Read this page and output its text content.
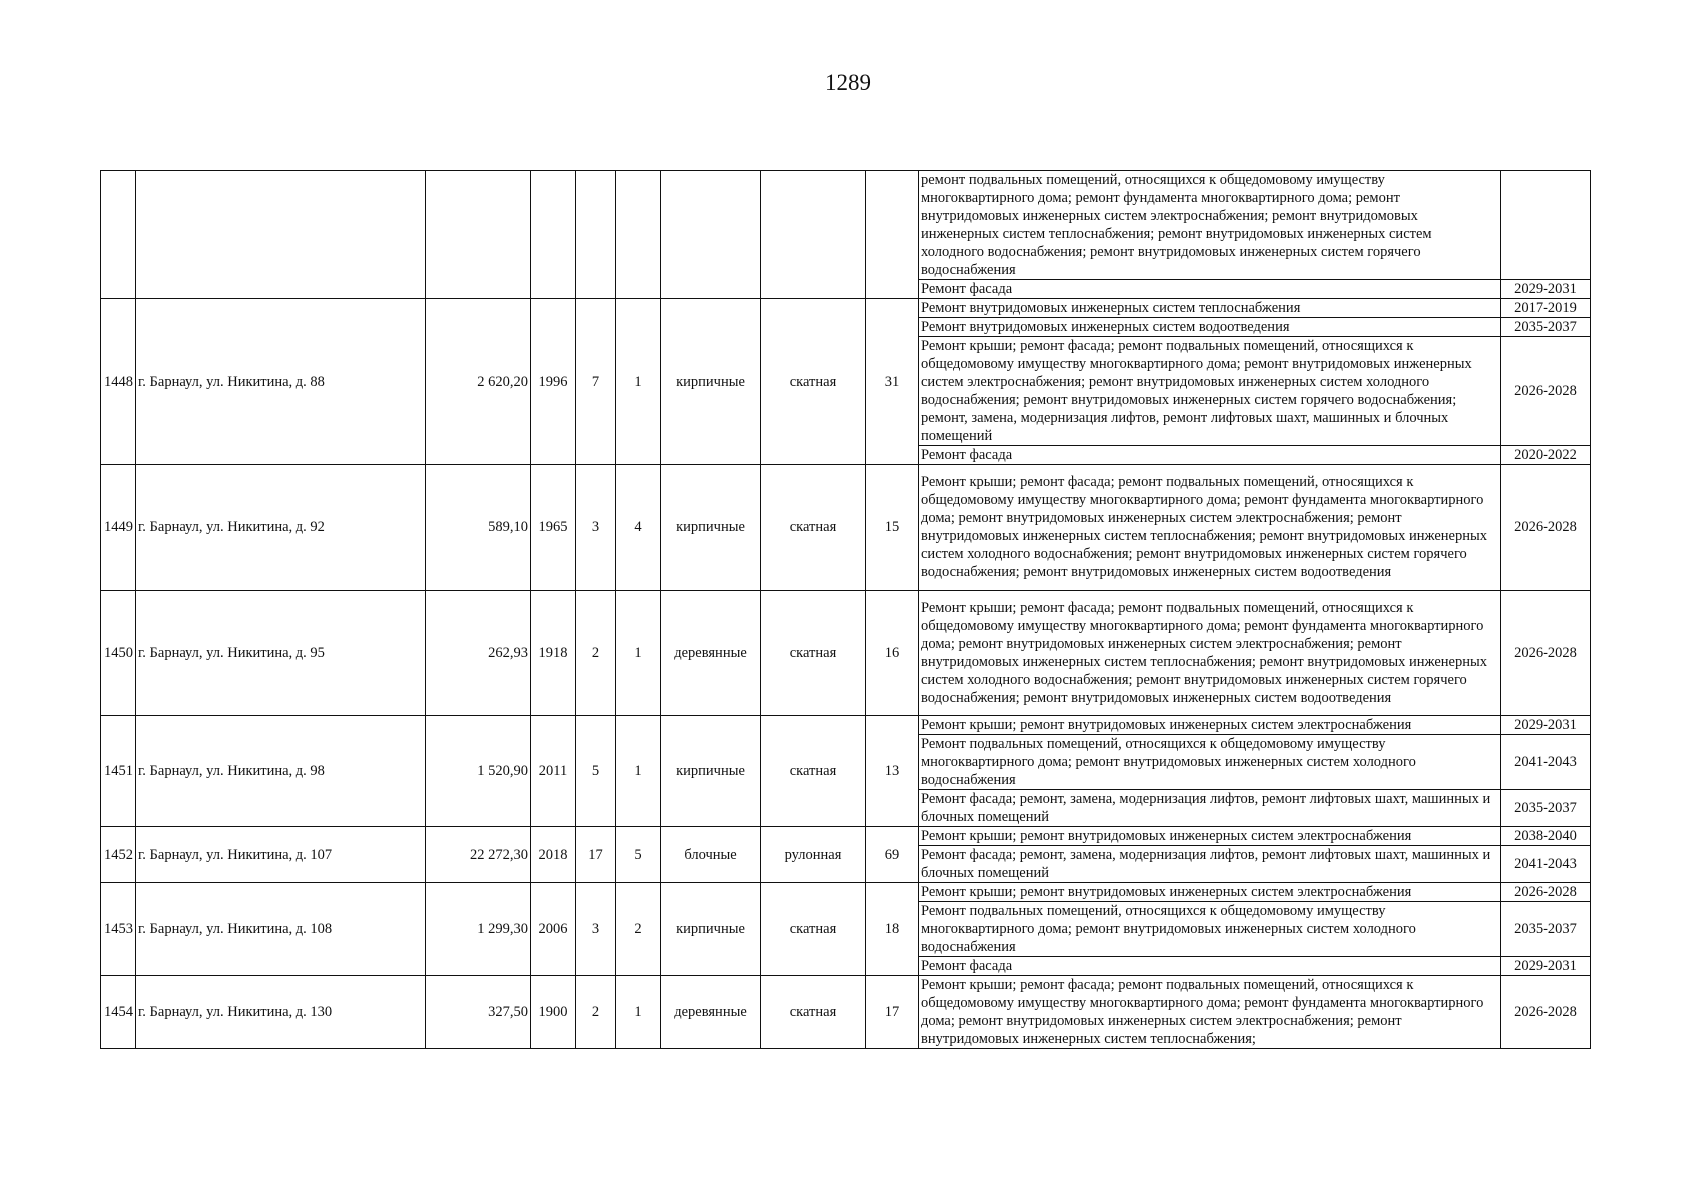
1289
									ремонт подвальных помещений, относящихся к общедомовому имуществу многоквартирного дома; ремонт фундамента многоквартирного дома; ремонт внутридомовых инженерных систем электроснабжения; ремонт внутридомовых инженерных систем теплоснабжения; ремонт внутридомовых инженерных систем холодного водоснабжения; ремонт внутридомовых инженерных систем горячего водоснабжения	
									Ремонт фасада	2029-2031
1448	г. Барнаул, ул. Никитина, д. 88	2 620,20	1996	7	1	кирпичные	скатная	31	Ремонт внутридомовых инженерных систем теплоснабжения	2017-2019
									Ремонт внутридомовых инженерных систем водоотведения	2035-2037
									Ремонт крыши; ремонт фасада; ремонт подвальных помещений, относящихся к общедомовому имуществу многоквартирного дома; ремонт внутридомовых инженерных систем электроснабжения; ремонт внутридомовых инженерных систем холодного водоснабжения; ремонт внутридомовых инженерных систем горячего водоснабжения; ремонт, замена, модернизация лифтов, ремонт лифтовых шахт, машинных и блочных помещений	2026-2028
									Ремонт фасада	2020-2022
1449	г. Барнаул, ул. Никитина, д. 92	589,10	1965	3	4	кирпичные	скатная	15	Ремонт крыши; ремонт фасада; ремонт подвальных помещений, относящихся к общедомовому имуществу многоквартирного дома; ремонт фундамента многоквартирного дома; ремонт внутридомовых инженерных систем электроснабжения; ремонт внутридомовых инженерных систем теплоснабжения; ремонт внутридомовых инженерных систем холодного водоснабжения; ремонт внутридомовых инженерных систем горячего водоснабжения; ремонт внутридомовых инженерных систем водоотведения	2026-2028
1450	г. Барнаул, ул. Никитина, д. 95	262,93	1918	2	1	деревянные	скатная	16	Ремонт крыши; ремонт фасада; ремонт подвальных помещений, относящихся к общедомовому имуществу многоквартирного дома; ремонт фундамента многоквартирного дома; ремонт внутридомовых инженерных систем электроснабжения; ремонт внутридомовых инженерных систем теплоснабжения; ремонт внутридомовых инженерных систем холодного водоснабжения; ремонт внутридомовых инженерных систем горячего водоснабжения; ремонт внутридомовых инженерных систем водоотведения	2026-2028
1451	г. Барнаул, ул. Никитина, д. 98	1 520,90	2011	5	1	кирпичные	скатная	13	Ремонт крыши; ремонт внутридомовых инженерных систем электроснабжения	2029-2031
									Ремонт подвальных помещений, относящихся к общедомовому имуществу многоквартирного дома; ремонт внутридомовых инженерных систем холодного водоснабжения	2041-2043
									Ремонт фасада; ремонт, замена, модернизация лифтов, ремонт лифтовых шахт, машинных и блочных помещений	2035-2037
1452	г. Барнаул, ул. Никитина, д. 107	22 272,30	2018	17	5	блочные	рулонная	69	Ремонт крыши; ремонт внутридомовых инженерных систем электроснабжения	2038-2040
									Ремонт фасада; ремонт, замена, модернизация лифтов, ремонт лифтовых шахт, машинных и блочных помещений	2041-2043
1453	г. Барнаул, ул. Никитина, д. 108	1 299,30	2006	3	2	кирпичные	скатная	18	Ремонт крыши; ремонт внутридомовых инженерных систем электроснабжения	2026-2028
									Ремонт подвальных помещений, относящихся к общедомовому имуществу многоквартирного дома; ремонт внутридомовых инженерных систем холодного водоснабжения	2035-2037
									Ремонт фасада	2029-2031
1454	г. Барнаул, ул. Никитина, д. 130	327,50	1900	2	1	деревянные	скатная	17	Ремонт крыши; ремонт фасада; ремонт подвальных помещений, относящихся к общедомовому имуществу многоквартирного дома; ремонт фундамента многоквартирного дома; ремонт внутридомовых инженерных систем электроснабжения; ремонт внутридомовых инженерных систем теплоснабжения;	2026-2028
